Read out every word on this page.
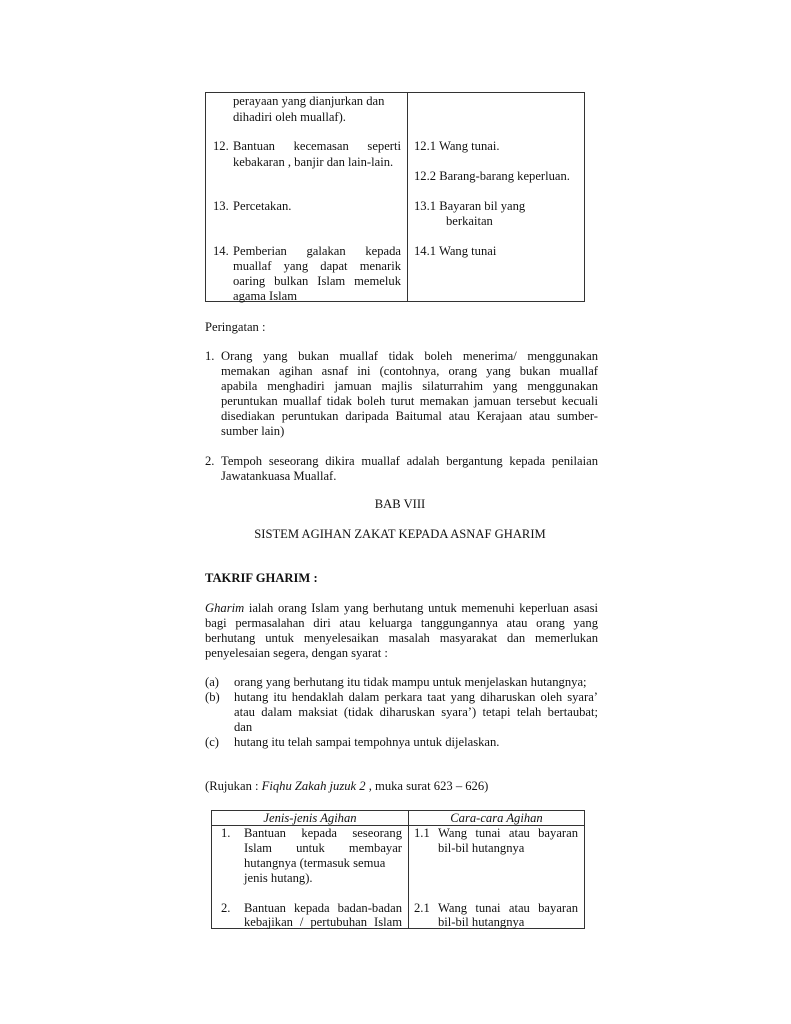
perayaan yang dianjurkan dan

dihadiri oleh muallaf).

12. Bantuan kecemasan seperti

kebakaran , banjir dan lain-lain.

12.1 Wang tunai.

12.2 Barang-barang keperluan.

13. Percetakan.	13.1 Bayaran bil yang

berkaitan

14. Pemberian galakan kepada

muallaf yang dapat menarik

oaring bulkan Islam memeluk

agama Islam

14.1 Wang tunai

Peringatan :

1. Orang yang bukan muallaf tidak boleh menerima/ menggunakan

memakan agihan asnaf ini (contohnya, orang yang bukan muallaf

apabila menghadiri jamuan majlis silaturrahim yang menggunakan

peruntukan muallaf tidak boleh turut memakan jamuan tersebut kecuali

disediakan peruntukan daripada Baitumal atau Kerajaan atau sumber-

sumber lain)

2. Tempoh seseorang dikira muallaf adalah bergantung kepada penilaian

Jawatankuasa Muallaf.

BAB VIII

SISTEM AGIHAN ZAKAT KEPADA ASNAF GHARIM

TAKRIF GHARIM :

Gharim ialah orang Islam yang berhutang untuk memenuhi keperluan asasi

bagi permasalahan diri atau keluarga tanggungannya atau orang yang

berhutang untuk menyelesaikan masalah masyarakat dan memerlukan

penyelesaian segera, dengan syarat :

(a) orang yang berhutang itu tidak mampu untuk menjelaskan hutangnya;

(b) hutang itu hendaklah dalam perkara taat yang diharuskan oleh syara’

atau dalam maksiat (tidak diharuskan syara’) tetapi telah bertaubat;

dan

(c) hutang itu telah sampai tempohnya untuk dijelaskan.

(Rujukan : Fiqhu Zakah juzuk 2 , muka surat 623 – 626)

Jenis-jenis Agihan	Cara-cara Agihan

1. Bantuan kepada seseorang

Islam untuk membayar

hutangnya (termasuk semua

jenis hutang).

1.1 Wang tunai atau bayaran

bil-bil hutangnya

2. Bantuan kepada badan-badan

kebajikan / pertubuhan Islam

2.1 Wang tunai atau bayaran

bil-bil hutangnya
